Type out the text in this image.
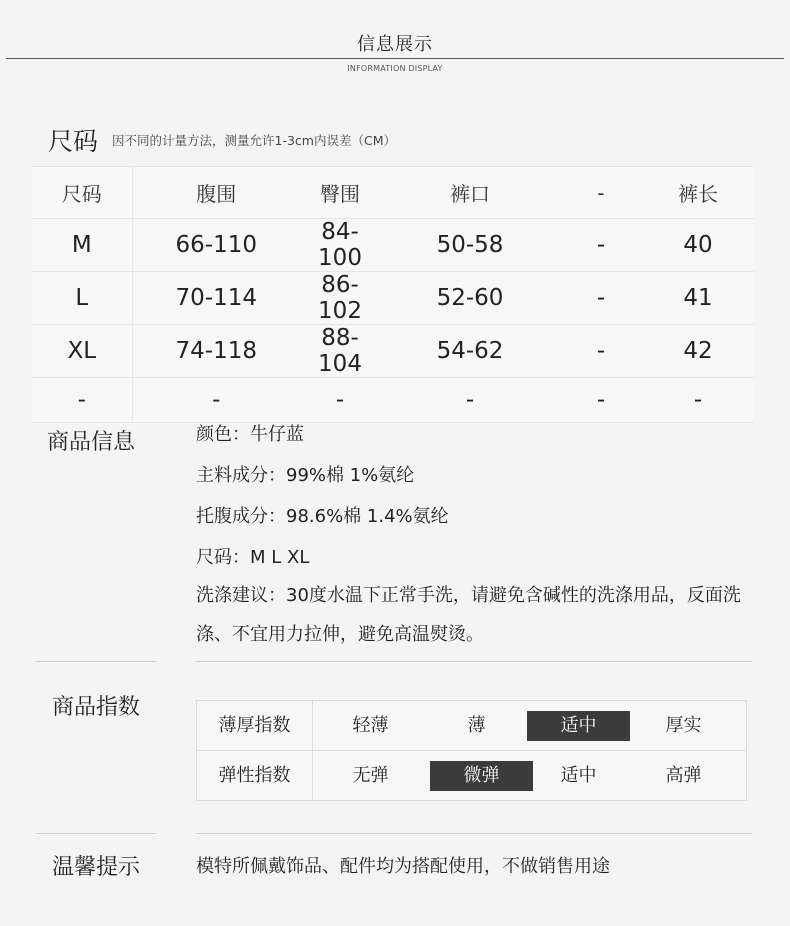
信息展示
INFORMATION DISPLAY
尺码 因不同的计量方法，测量允许1-3cm内误差（CM）
尺码	腹围	臀围	裤口	-	裤长
M	66-110	84-100	50-58	-	40
L	70-114	86-102	52-60	-	41
XL	74-118	88-104	54-62	-	42
-	-	-	-	-	-
商品信息	颜色：牛仔蓝
主料成分：99%棉 1%氨纶
托腹成分：98.6%棉 1.4%氨纶
尺码：M L XL
洗涤建议：30度水温下正常手洗，请避免含碱性的洗涤用品，反面洗涤、不宜用力拉伸，避免高温熨烫。
商品指数
薄厚指数	轻薄	薄	适中	厚实
弹性指数	无弹	微弹	适中	高弹
温馨提示	模特所佩戴饰品、配件均为搭配使用，不做销售用途
